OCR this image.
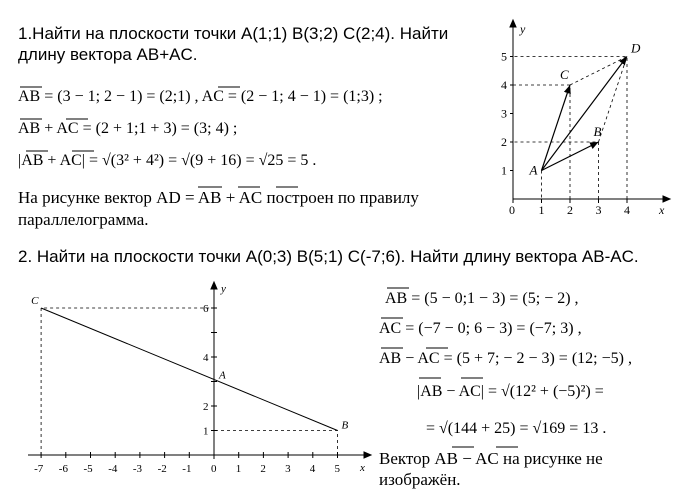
1.Найти на плоскости точки A(1;1) B(3;2) C(2;4). Найти
длину вектора AB+AC.
AB = (3 − 1; 2 − 1) = (2;1) , AC = (2 − 1; 4 − 1) = (1;3) ;
AB + AC = (2 + 1;1 + 3) = (3; 4) ;
|AB + AC| = √(3² + 4²) = √(9 + 16) = √25 = 5 .
На рисунке вектор AD = AB + AC построен по правилу
параллелограмма.
y
x
0 1 2 3 4
1
2
3
4
5
A
B
C
D
2. Найти на плоскости точки A(0;3) B(5;1) C(-7;6). Найти длину вектора AB-AC.
AB = (5 − 0;1 − 3) = (5; − 2) ,
AC = (−7 − 0; 6 − 3) = (−7; 3) ,
AB − AC = (5 + 7; − 2 − 3) = (12; −5) ,
|AB − AC| = √(12² + (−5)²) =
= √(144 + 25) = √169 = 13 .
Вектор AB − AC на рисунке не
изображён.
y
x
-7 -6 -5 -4 -3 -2 -1 0 1 2 3 4 5
1
2
4
6
A
B
C
